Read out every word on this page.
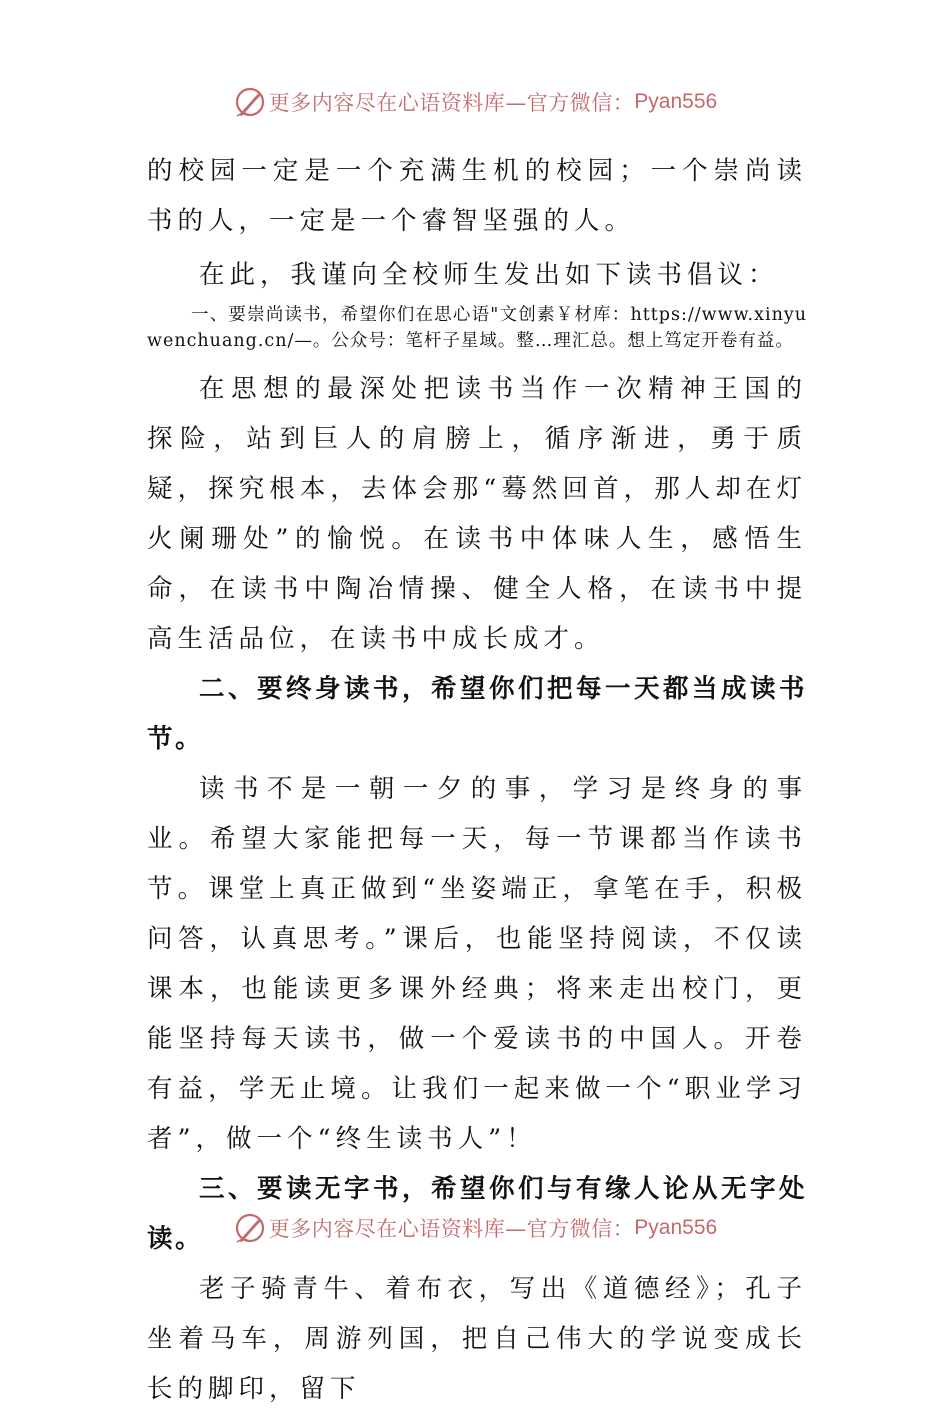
更多内容尽在心语资料库—官方微信： Pyan556

的校园一定是一个充满生机的校园；一个崇尚读书的人，一定是一个睿智坚强的人。

在此，我谨向全校师生发出如下读书倡议：

一、要崇尚读书，希望你们在思心语"文创素￥材库：https://www.xinyuwenchuang.cn/—。公众号：笔杆子星域。整…理汇总。想上笃定开卷有益。

在思想的最深处把读书当作一次精神王国的探险，站到巨人的肩膀上，循序渐进，勇于质疑，探究根本，去体会那“蓦然回首，那人却在灯火阑珊处”的愉悦。在读书中体味人生，感悟生命，在读书中陶冶情操、健全人格，在读书中提高生活品位，在读书中成长成才。

二、要终身读书，希望你们把每一天都当成读书节。

读书不是一朝一夕的事，学习是终身的事业。希望大家能把每一天，每一节课都当作读书节。课堂上真正做到“坐姿端正，拿笔在手，积极问答，认真思考。”课后，也能坚持阅读，不仅读课本，也能读更多课外经典；将来走出校门，更能坚持每天读书，做一个爱读书的中国人。开卷有益，学无止境。让我们一起来做一个“职业学习者”，做一个“终生读书人”！

三、要读无字书，希望你们与有缘人论从无字处读。

老子骑青牛、着布衣，写出《道德经》；孔子坐着马车，周游列国，把自己伟大的学说变成长长的脚印，留下

更多内容尽在心语资料库—官方微信： Pyan556
